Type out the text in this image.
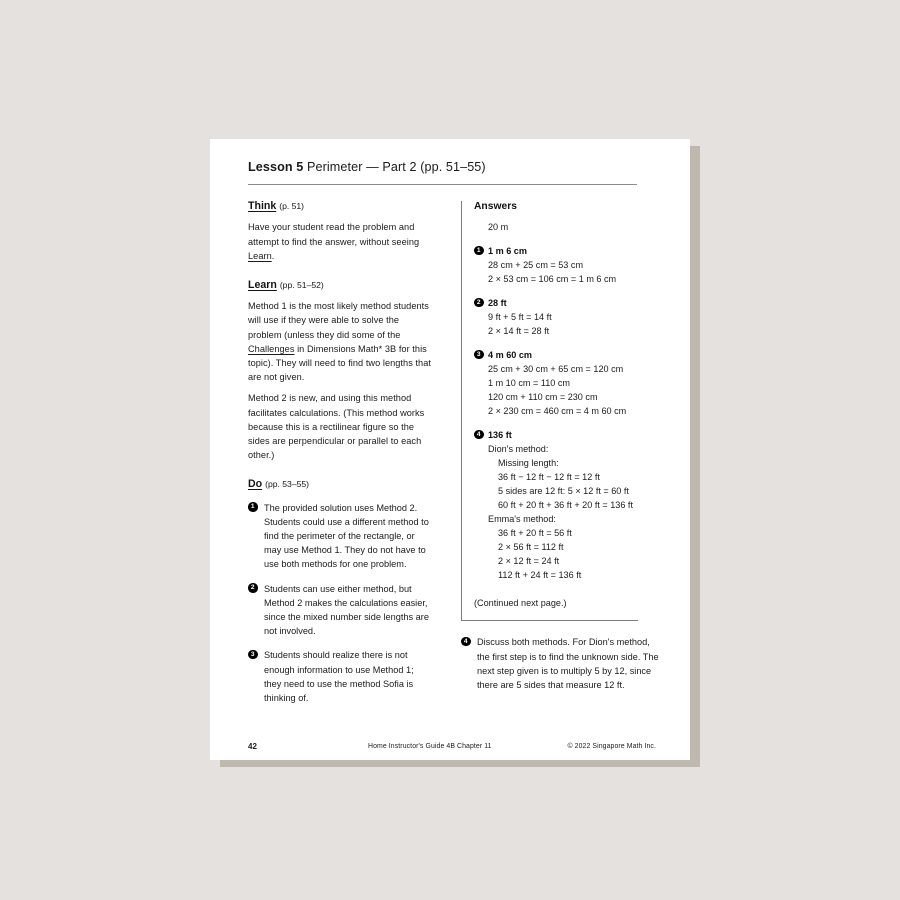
Lesson 5 Perimeter — Part 2 (pp. 51–55)
Think (p. 51)

Have your student read the problem and attempt to find the answer, without seeing Learn.

Learn (pp. 51–52)

Method 1 is the most likely method students will use if they were able to solve the problem (unless they did some of the Challenges in Dimensions Math* 3B for this topic). They will need to find two lengths that are not given.

Method 2 is new, and using this method facilitates calculations. (This method works because this is a rectilinear figure so the sides are perpendicular or parallel to each other.)

Do (pp. 53–55)
1	The provided solution uses Method 2. Students could use a different method to find the perimeter of the rectangle, or may use Method 1. They do not have to use both methods for one problem.

2	Students can use either method, but Method 2 makes the calculations easier, since the mixed number side lengths are not involved.

3	Students should realize there is not enough information to use Method 1; they need to use the method Sofia is thinking of.

Answers
20 m
1 1 m 6 cm
28 cm + 25 cm = 53 cm
2 × 53 cm = 106 cm = 1 m 6 cm
2 28 ft
9 ft + 5 ft = 14 ft
2 × 14 ft = 28 ft
3 4 m 60 cm
25 cm + 30 cm + 65 cm = 120 cm
1 m 10 cm = 110 cm
120 cm + 110 cm = 230 cm
2 × 230 cm = 460 cm = 4 m 60 cm
4 136 ft
Dion's method:
Missing length:
36 ft − 12 ft − 12 ft = 12 ft
5 sides are 12 ft: 5 × 12 ft = 60 ft
60 ft + 20 ft + 36 ft + 20 ft = 136 ft
Emma's method:
36 ft + 20 ft = 56 ft
2 × 56 ft = 112 ft
2 × 12 ft = 24 ft
112 ft + 24 ft = 136 ft
(Continued next page.)
4	Discuss both methods. For Dion's method, the first step is to find the unknown side. The next step given is to multiply 5 by 12, since there are 5 sides that measure 12 ft.

42	Home Instructor's Guide 4B Chapter 11	© 2022 Singapore Math Inc.
